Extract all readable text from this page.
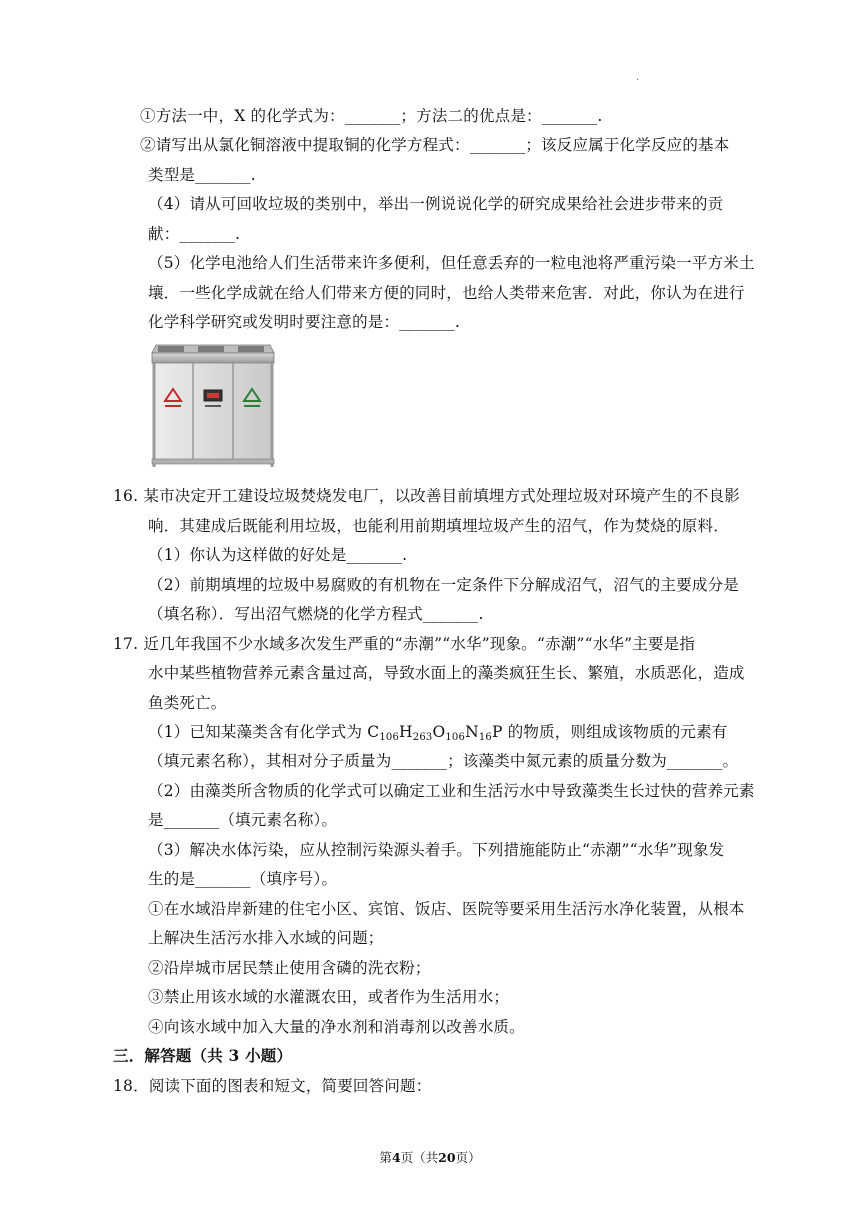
.
①方法一中，X 的化学式为：_______；方法二的优点是：_______.
②请写出从氯化铜溶液中提取铜的化学方程式：_______；该反应属于化学反应的基本
类型是_______.
（4）请从可回收垃圾的类别中，举出一例说说化学的研究成果给社会进步带来的贡
献：_______.
（5）化学电池给人们生活带来许多便利，但任意丢弃的一粒电池将严重污染一平方米土
壤．一些化学成就在给人们带来方便的同时，也给人类带来危害．对此，你认为在进行
化学科学研究或发明时要注意的是：_______.
16. 某市决定开工建设垃圾焚烧发电厂，以改善目前填埋方式处理垃圾对环境产生的不良影
响．其建成后既能利用垃圾，也能利用前期填埋垃圾产生的沼气，作为焚烧的原料．
（1）你认为这样做的好处是_______.
（2）前期填埋的垃圾中易腐败的有机物在一定条件下分解成沼气，沼气的主要成分是
（填名称）．写出沼气燃烧的化学方程式_______.
17. 近几年我国不少水域多次发生严重的“赤潮”“水华”现象。“赤潮”“水华”主要是指
水中某些植物营养元素含量过高，导致水面上的藻类疯狂生长、繁殖，水质恶化，造成
鱼类死亡。
（2）由藻类所含物质的化学式可以确定工业和生活污水中导致藻类生长过快的营养元素
是_______（填元素名称）。
（3）解决水体污染，应从控制污染源头着手。下列措施能防止“赤潮”“水华”现象发
生的是_______（填序号）。
①在水域沿岸新建的住宅小区、宾馆、饭店、医院等要采用生活污水净化装置，从根本
上解决生活污水排入水域的问题；
②沿岸城市居民禁止使用含磷的洗衣粉；
③禁止用该水域的水灌溉农田，或者作为生活用水；
④向该水域中加入大量的净水剂和消毒剂以改善水质。
18．阅读下面的图表和短文，简要回答问题：
（1）已知某藻类含有化学式为 $C_{106}H_{263}O_{106}N_{16}P$ 的物质，则组成该物质的元素有
（填元素名称），其相对分子质量为_______；该藻类中氮元素的质量分数为_______。
三．解答题（共 3 小题）
第4页（共20页）
